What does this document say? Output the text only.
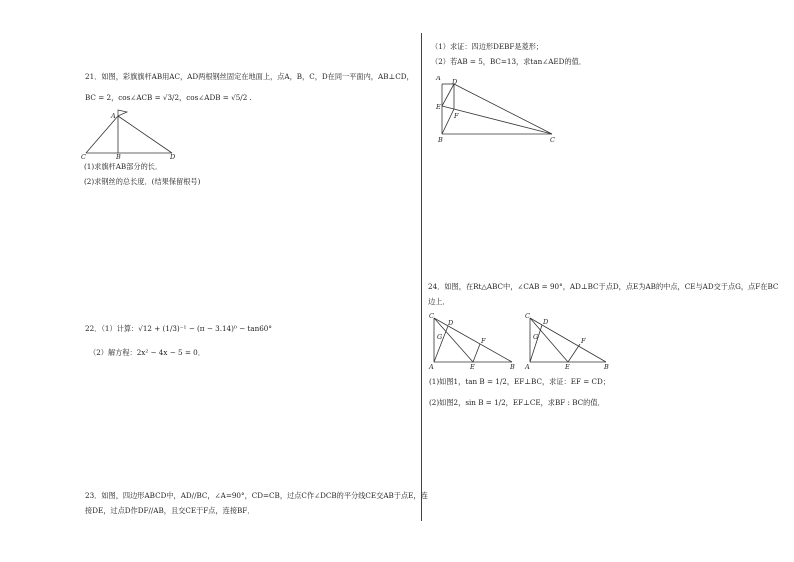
21．如图，彩旗旗杆AB用AC，AD两根钢丝固定在地面上，点A，B，C，D在同一平面内，AB⊥CD，
BC = 2，cos∠ACB = √3/2，cos∠ADB = √5/2 .
A
B
C	D
(1)求旗杆AB部分的长．
(2)求钢丝的总长度．(结果保留根号)
22．（1）计算：√12 + (1/3)⁻¹ − (π − 3.14)⁰ − tan60°
（2）解方程：2x² − 4x − 5 = 0．
23．如图，四边形ABCD中，AD//BC，∠A=90°，CD=CB，过点C作∠DCB的平分线CE交AB于点E，连
接DE，过点D作DF//AB，且交CE于F点，连接BF．
（1）求证：四边形DEBF是菱形；
（2）若AB = 5，BC=13，求tan∠AED的值．
D
A
E
F
B	C
24．如图，在Rt△ABC中，∠CAB = 90°，AD⊥BC于点D，点E为AB的中点，CE与AD交于点G，点F在BC
边上．
C
D
G	F
A	E	B
C
D
G	F
A	E	B
(1)如图1，tan B = 1/2，EF⊥BC，求证：EF = CD；
(2)如图2，sin B = 1/2，EF⊥CE，求BF : BC的值．
